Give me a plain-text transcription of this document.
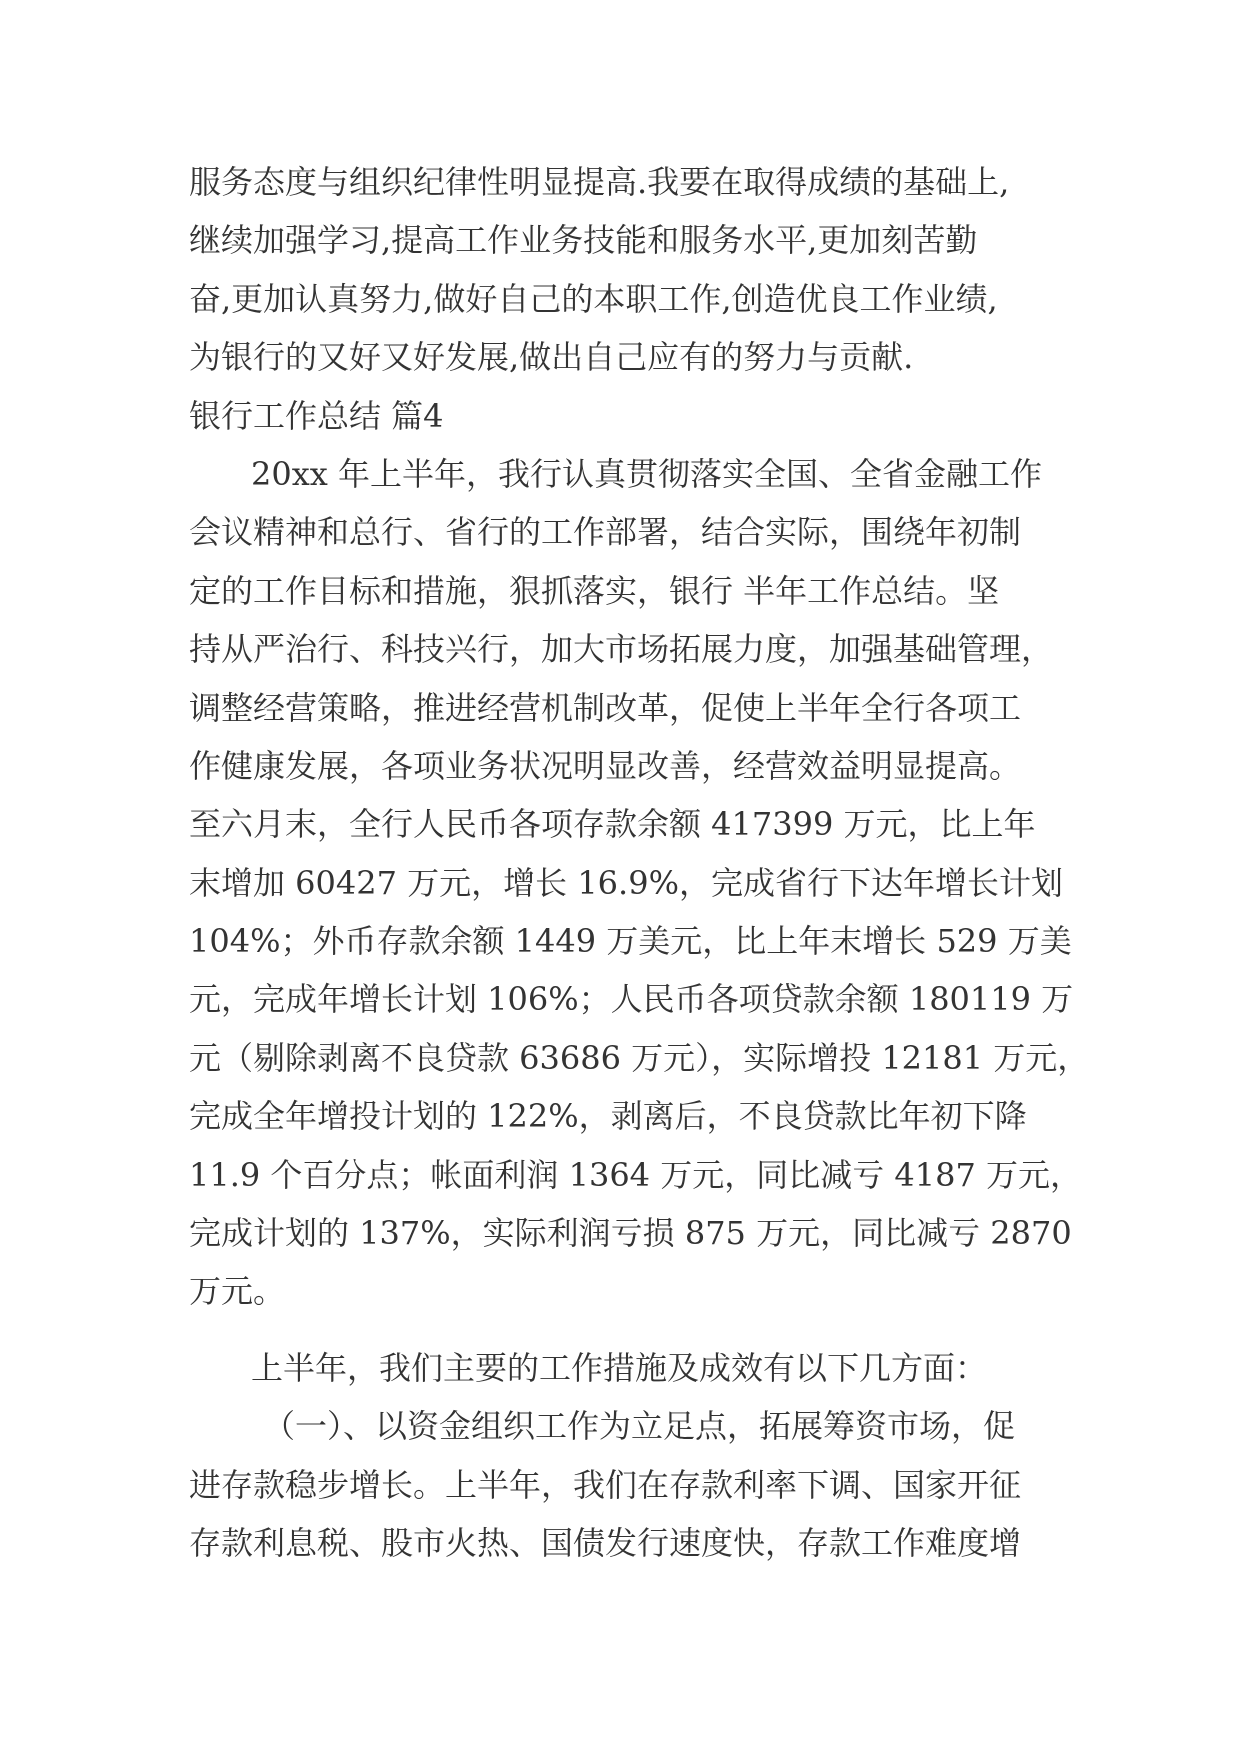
服务态度与组织纪律性明显提高.我要在取得成绩的基础上,
继续加强学习,提高工作业务技能和服务水平,更加刻苦勤
奋,更加认真努力,做好自己的本职工作,创造优良工作业绩,
为银行的又好又好发展,做出自己应有的努力与贡献.

银行工作总结 篇4

20xx 年上半年，我行认真贯彻落实全国、全省金融工作
会议精神和总行、省行的工作部署，结合实际，围绕年初制
定的工作目标和措施，狠抓落实，银行 半年工作总结。坚
持从严治行、科技兴行，加大市场拓展力度，加强基础管理，
调整经营策略，推进经营机制改革，促使上半年全行各项工
作健康发展，各项业务状况明显改善，经营效益明显提高。
至六月末，全行人民币各项存款余额 417399 万元，比上年
末增加 60427 万元，增长 16.9%，完成省行下达年增长计划
104%；外币存款余额 1449 万美元，比上年末增长 529 万美
元，完成年增长计划 106%；人民币各项贷款余额 180119 万
元（剔除剥离不良贷款 63686 万元），实际增投 12181 万元，
完成全年增投计划的 122%，剥离后，不良贷款比年初下降
11.9 个百分点；帐面利润 1364 万元，同比减亏 4187 万元，
完成计划的 137%，实际利润亏损 875 万元，同比减亏 2870
万元。

上半年，我们主要的工作措施及成效有以下几方面：

（一）、以资金组织工作为立足点，拓展筹资市场，促
进存款稳步增长。上半年，我们在存款利率下调、国家开征
存款利息税、股市火热、国债发行速度快，存款工作难度增
